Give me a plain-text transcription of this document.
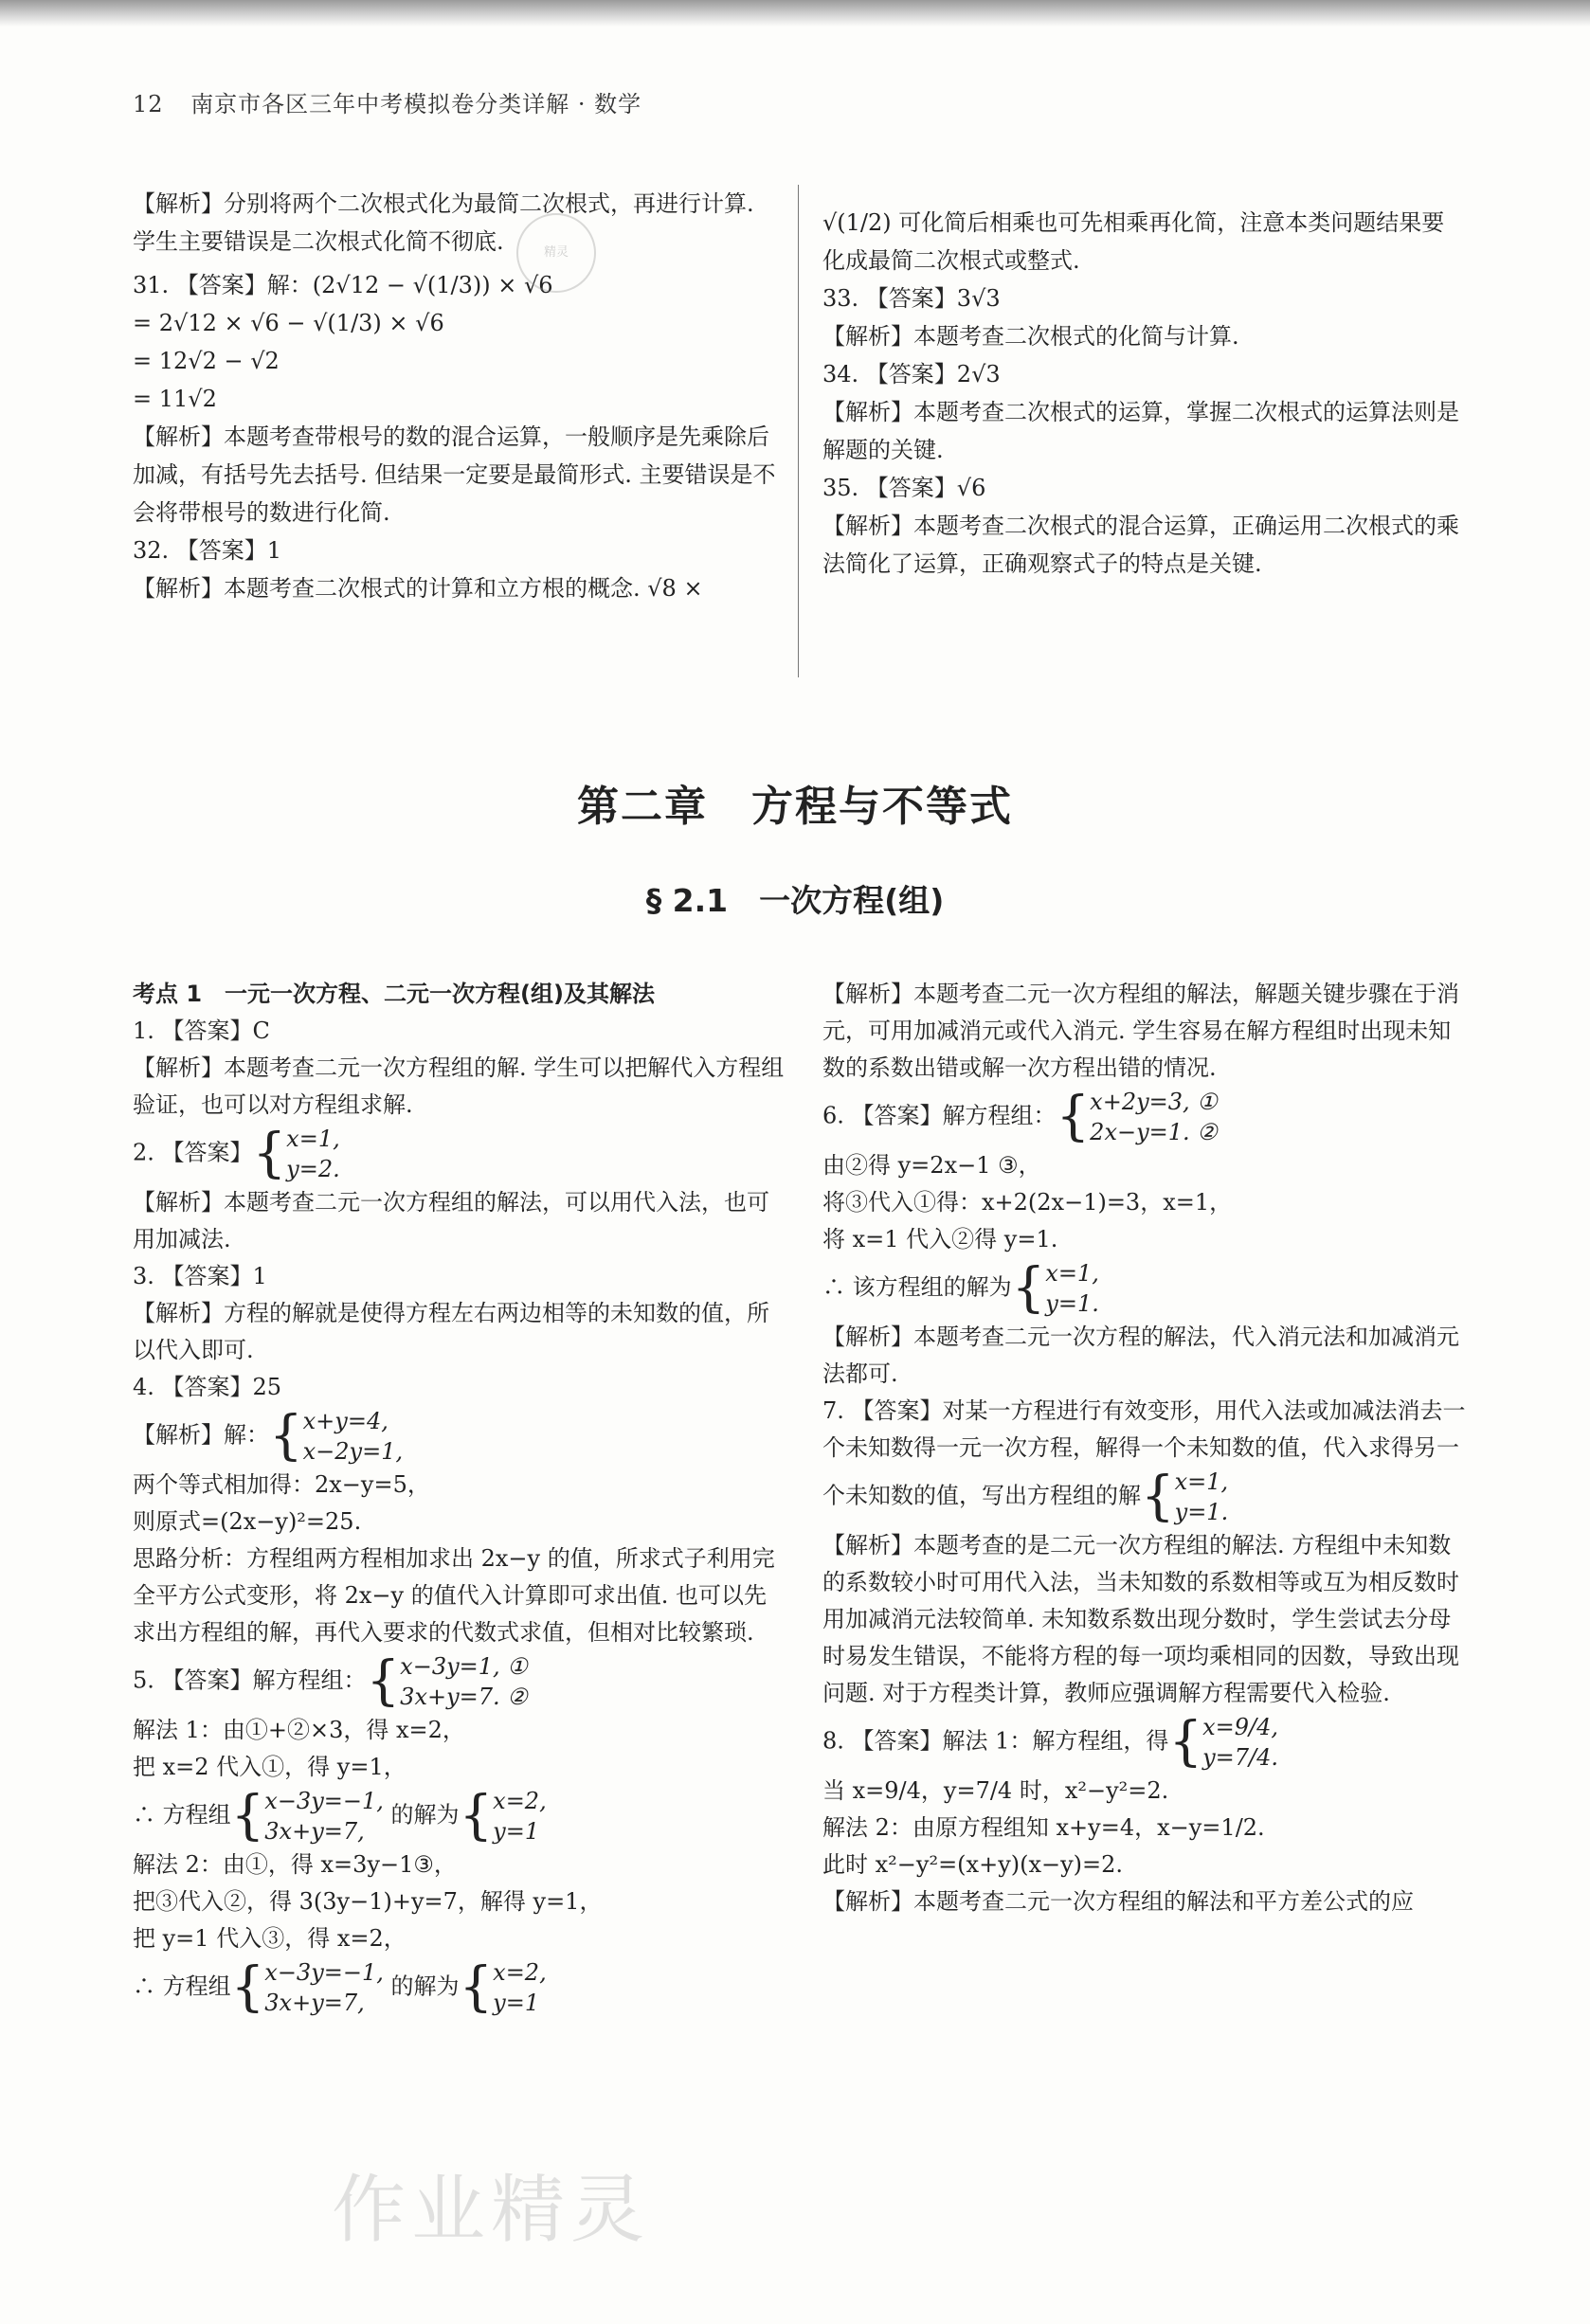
12 南京市各区三年中考模拟卷分类详解 · 数学

【解析】分别将两个二次根式化为最简二次根式，再进行计算. 学生主要错误是二次根式化简不彻底.

31. 【答案】解：(2√12 − √(1/3)) × √6

= 2√12 × √6 − √(1/3) × √6

= 12√2 − √2

= 11√2

【解析】本题考查带根号的数的混合运算，一般顺序是先乘除后加减，有括号先去括号. 但结果一定要是最简形式. 主要错误是不会将带根号的数进行化简.

32. 【答案】1

【解析】本题考查二次根式的计算和立方根的概念. √8 ×

√(1/2) 可化简后相乘也可先相乘再化简，注意本类问题结果要化成最简二次根式或整式.

33. 【答案】3√3

【解析】本题考查二次根式的化简与计算.

34. 【答案】2√3

【解析】本题考查二次根式的运算，掌握二次根式的运算法则是解题的关键.

35. 【答案】√6

【解析】本题考查二次根式的混合运算，正确运用二次根式的乘法简化了运算，正确观察式子的特点是关键.

精灵
第二章　方程与不等式
§ 2.1　一次方程(组)

考点 1　一元一次方程、二元一次方程(组)及其解法

1. 【答案】C

【解析】本题考查二元一次方程组的解. 学生可以把解代入方程组验证，也可以对方程组求解.

2. 【答案】{x=1,
y=2.

【解析】本题考查二元一次方程组的解法，可以用代入法，也可用加减法.

3. 【答案】1

【解析】方程的解就是使得方程左右两边相等的未知数的值，所以代入即可.

4. 【答案】25

【解析】解：{x+y=4,
x−2y=1,

两个等式相加得：2x−y=5，

则原式=(2x−y)²=25.

思路分析：方程组两方程相加求出 2x−y 的值，所求式子利用完全平方公式变形，将 2x−y 的值代入计算即可求出值. 也可以先求出方程组的解，再代入要求的代数式求值，但相对比较繁琐.

5. 【答案】解方程组：{x−3y=1, ①
3x+y=7. ②

解法 1：由①+②×3，得 x=2，

把 x=2 代入①，得 y=1，

∴ 方程组{x−3y=−1,
3x+y=7, 的解为{x=2,
y=1

解法 2：由①，得 x=3y−1③，

把③代入②，得 3(3y−1)+y=7，解得 y=1，

把 y=1 代入③，得 x=2，

∴ 方程组{x−3y=−1,
3x+y=7, 的解为{x=2,
y=1

【解析】本题考查二元一次方程组的解法，解题关键步骤在于消元，可用加减消元或代入消元. 学生容易在解方程组时出现未知数的系数出错或解一次方程出错的情况.

6. 【答案】解方程组：{x+2y=3, ①
2x−y=1. ②

由②得 y=2x−1 ③，

将③代入①得：x+2(2x−1)=3，x=1，

将 x=1 代入②得 y=1.

∴ 该方程组的解为{x=1,
y=1.

【解析】本题考查二元一次方程的解法，代入消元法和加减消元法都可.

7. 【答案】对某一方程进行有效变形，用代入法或加减法消去一个未知数得一元一次方程，解得一个未知数的值，代入求得另一个未知数的值，写出方程组的解{x=1,
y=1.

【解析】本题考查的是二元一次方程组的解法. 方程组中未知数的系数较小时可用代入法，当未知数的系数相等或互为相反数时用加减消元法较简单. 未知数系数出现分数时，学生尝试去分母时易发生错误，不能将方程的每一项均乘相同的因数，导致出现问题. 对于方程类计算，教师应强调解方程需要代入检验.

8. 【答案】解法 1：解方程组，得{x=9/4,
y=7/4.

当 x=9/4，y=7/4 时，x²−y²=2.

解法 2：由原方程组知 x+y=4，x−y=1/2.

此时 x²−y²=(x+y)(x−y)=2.

【解析】本题考查二元一次方程组的解法和平方差公式的应

作业精灵
